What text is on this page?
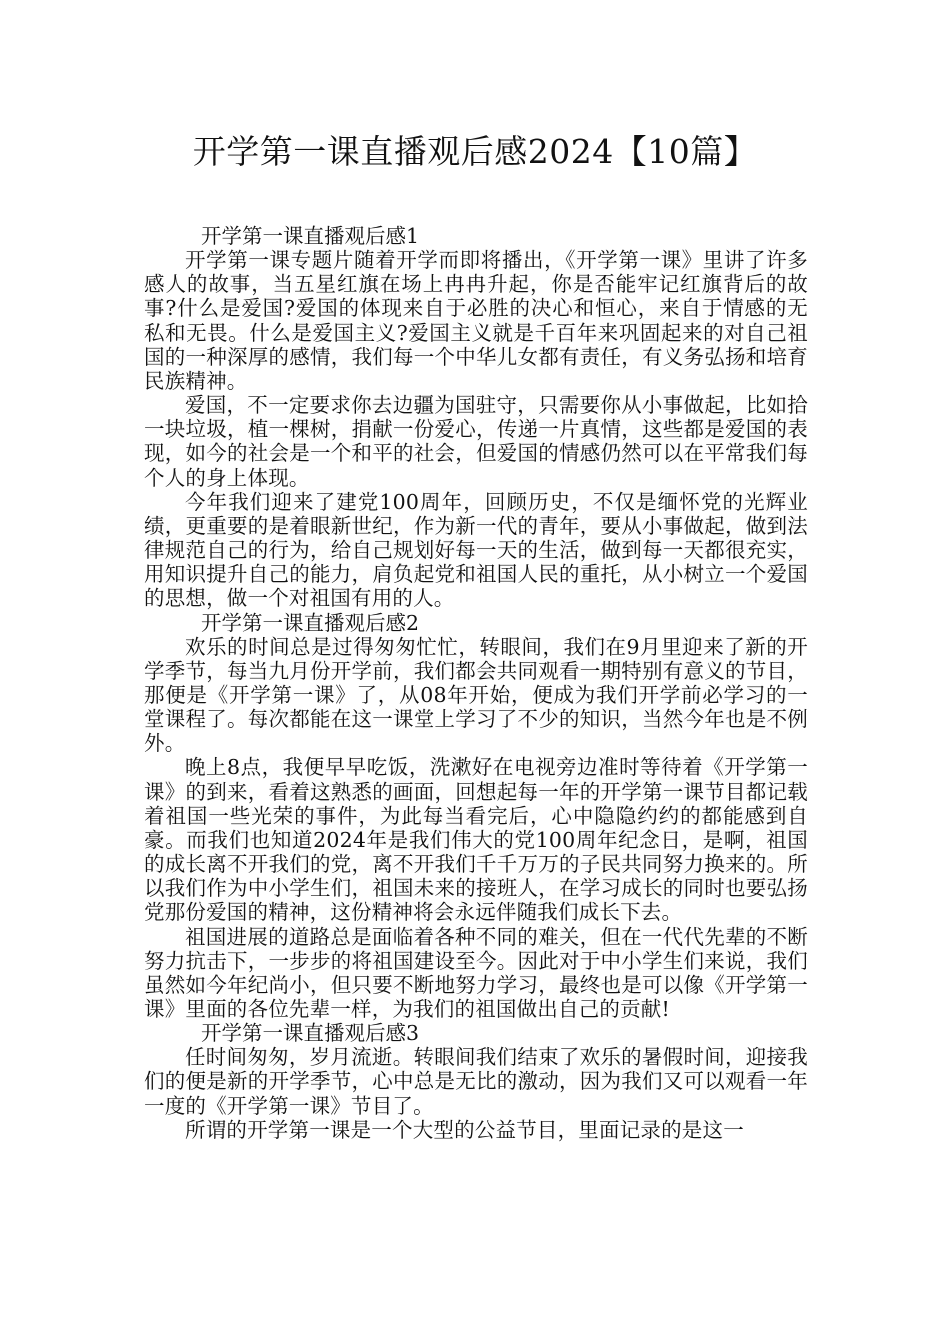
开学第一课直播观后感2024【10篇】
开学第一课直播观后感1

开学第一课专题片随着开学而即将播出，《开学第一课》里讲了许多感人的故事，当五星红旗在场上冉冉升起，你是否能牢记红旗背后的故事?什么是爱国?爱国的体现来自于必胜的决心和恒心，来自于情感的无私和无畏。什么是爱国主义?爱国主义就是千百年来巩固起来的对自己祖国的一种深厚的感情，我们每一个中华儿女都有责任，有义务弘扬和培育民族精神。

爱国，不一定要求你去边疆为国驻守，只需要你从小事做起，比如拾一块垃圾，植一棵树，捐献一份爱心，传递一片真情，这些都是爱国的表现，如今的社会是一个和平的社会，但爱国的情感仍然可以在平常我们每个人的身上体现。

今年我们迎来了建党100周年，回顾历史，不仅是缅怀党的光辉业绩，更重要的是着眼新世纪，作为新一代的青年，要从小事做起，做到法律规范自己的行为，给自己规划好每一天的生活，做到每一天都很充实，用知识提升自己的能力，肩负起党和祖国人民的重托，从小树立一个爱国的思想，做一个对祖国有用的人。

开学第一课直播观后感2

欢乐的时间总是过得匆匆忙忙，转眼间，我们在9月里迎来了新的开学季节，每当九月份开学前，我们都会共同观看一期特别有意义的节目，那便是《开学第一课》了，从08年开始，便成为我们开学前必学习的一堂课程了。每次都能在这一课堂上学习了不少的知识，当然今年也是不例外。

晚上8点，我便早早吃饭，洗漱好在电视旁边准时等待着《开学第一课》的到来，看着这熟悉的画面，回想起每一年的开学第一课节目都记载着祖国一些光荣的事件，为此每当看完后，心中隐隐约约的都能感到自豪。而我们也知道2024年是我们伟大的党100周年纪念日，是啊，祖国的成长离不开我们的党，离不开我们千千万万的子民共同努力换来的。所以我们作为中小学生们，祖国未来的接班人，在学习成长的同时也要弘扬党那份爱国的精神，这份精神将会永远伴随我们成长下去。

祖国进展的道路总是面临着各种不同的难关，但在一代代先辈的不断努力抗击下，一步步的将祖国建设至今。因此对于中小学生们来说，我们虽然如今年纪尚小，但只要不断地努力学习，最终也是可以像《开学第一课》里面的各位先辈一样，为我们的祖国做出自己的贡献!

开学第一课直播观后感3

任时间匆匆，岁月流逝。转眼间我们结束了欢乐的暑假时间，迎接我们的便是新的开学季节，心中总是无比的激动，因为我们又可以观看一年一度的《开学第一课》节目了。

所谓的开学第一课是一个大型的公益节目，里面记录的是这一
